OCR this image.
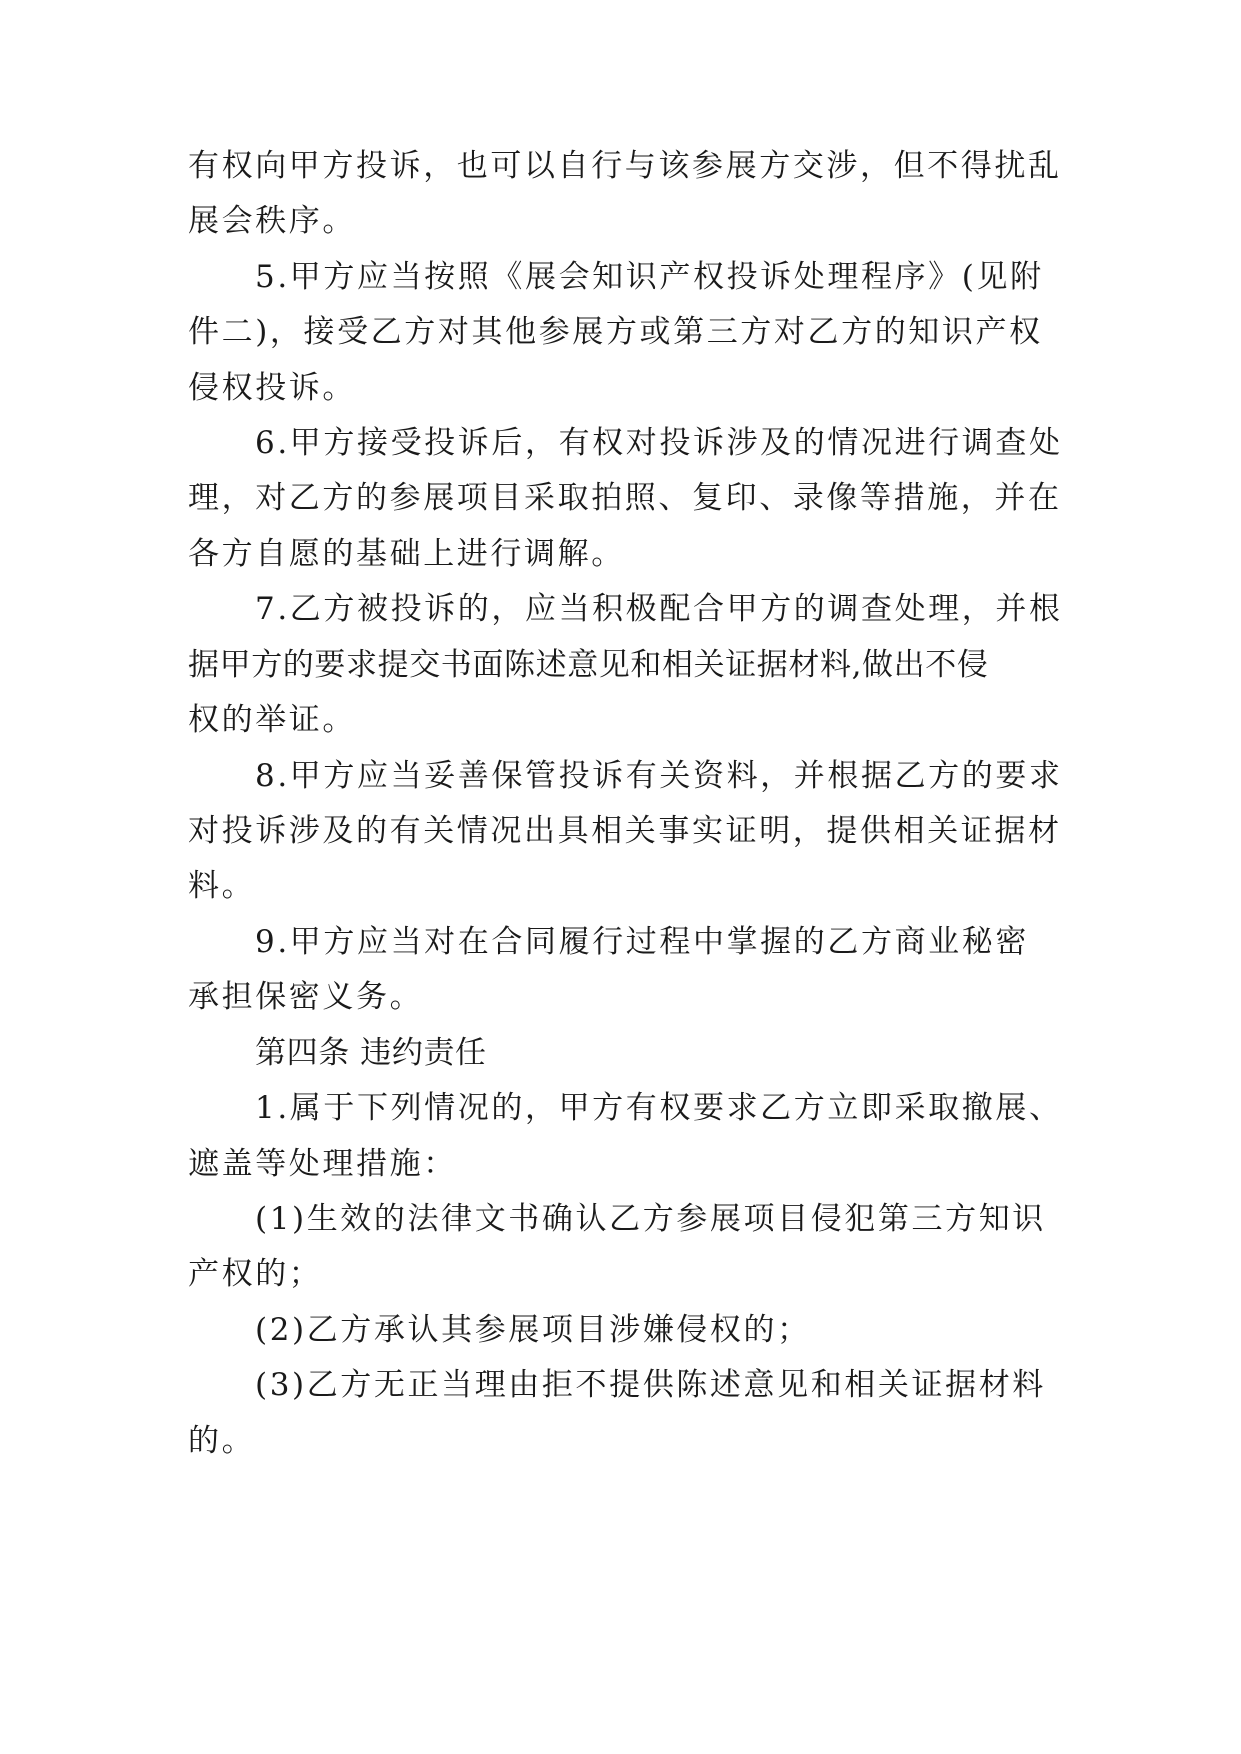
有权向甲方投诉，也可以自行与该参展方交涉，但不得扰乱
展会秩序。
5.甲方应当按照《展会知识产权投诉处理程序》(见附
件二)，接受乙方对其他参展方或第三方对乙方的知识产权
侵权投诉。
6.甲方接受投诉后，有权对投诉涉及的情况进行调查处
理，对乙方的参展项目采取拍照、复印、录像等措施，并在
各方自愿的基础上进行调解。
7.乙方被投诉的，应当积极配合甲方的调查处理，并根
据甲方的要求提交书面陈述意见和相关证据材料,做出不侵
权的举证。
8.甲方应当妥善保管投诉有关资料，并根据乙方的要求
对投诉涉及的有关情况出具相关事实证明，提供相关证据材
料。
9.甲方应当对在合同履行过程中掌握的乙方商业秘密
承担保密义务。
第四条 违约责任
1.属于下列情况的，甲方有权要求乙方立即采取撤展、
遮盖等处理措施：
(1)生效的法律文书确认乙方参展项目侵犯第三方知识
产权的；
(2)乙方承认其参展项目涉嫌侵权的；
(3)乙方无正当理由拒不提供陈述意见和相关证据材料
的。
